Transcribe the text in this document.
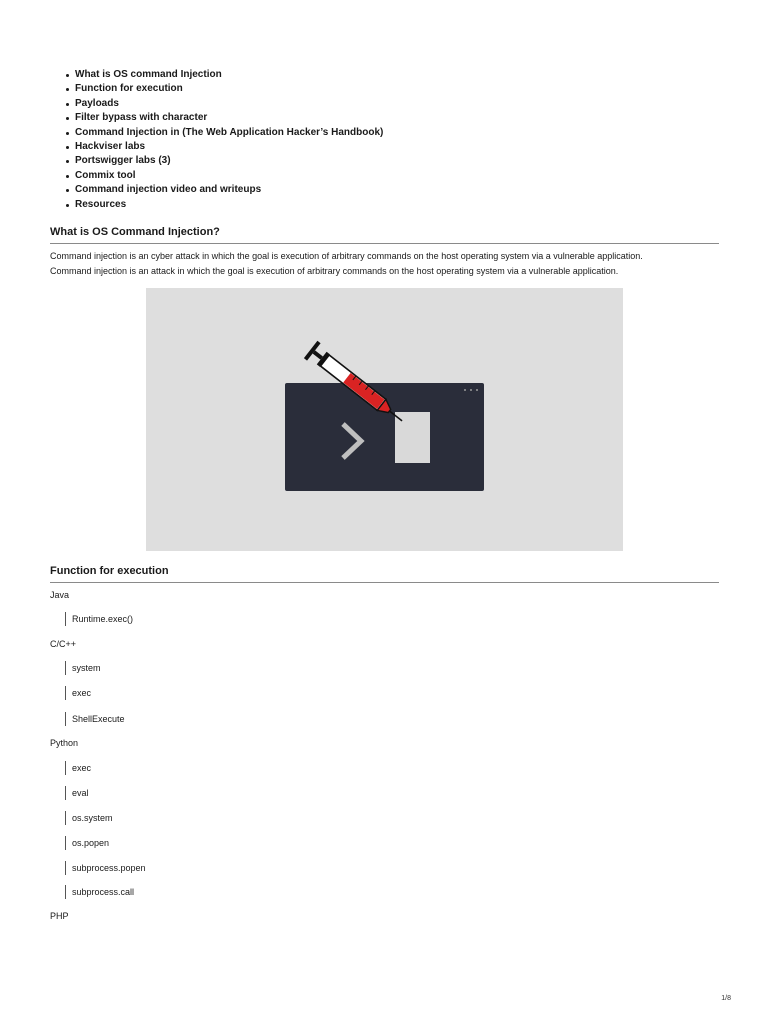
What is OS command Injection
Function for execution
Payloads
Filter bypass with character
Command Injection in (The Web Application Hacker’s Handbook)
Hackviser labs
Portswigger labs (3)
Commix tool
Command injection video and writeups
Resources
What is OS Command Injection?
Command injection is an cyber attack in which the goal is execution of arbitrary commands on the host operating system via a vulnerable application.
Command injection is an attack in which the goal is execution of arbitrary commands on the host operating system via a vulnerable application.
Function for execution
Java
Runtime.exec()
C/C++
system
exec
ShellExecute
Python
exec
eval
os.system
os.popen
subprocess.popen
subprocess.call
PHP
1/8
